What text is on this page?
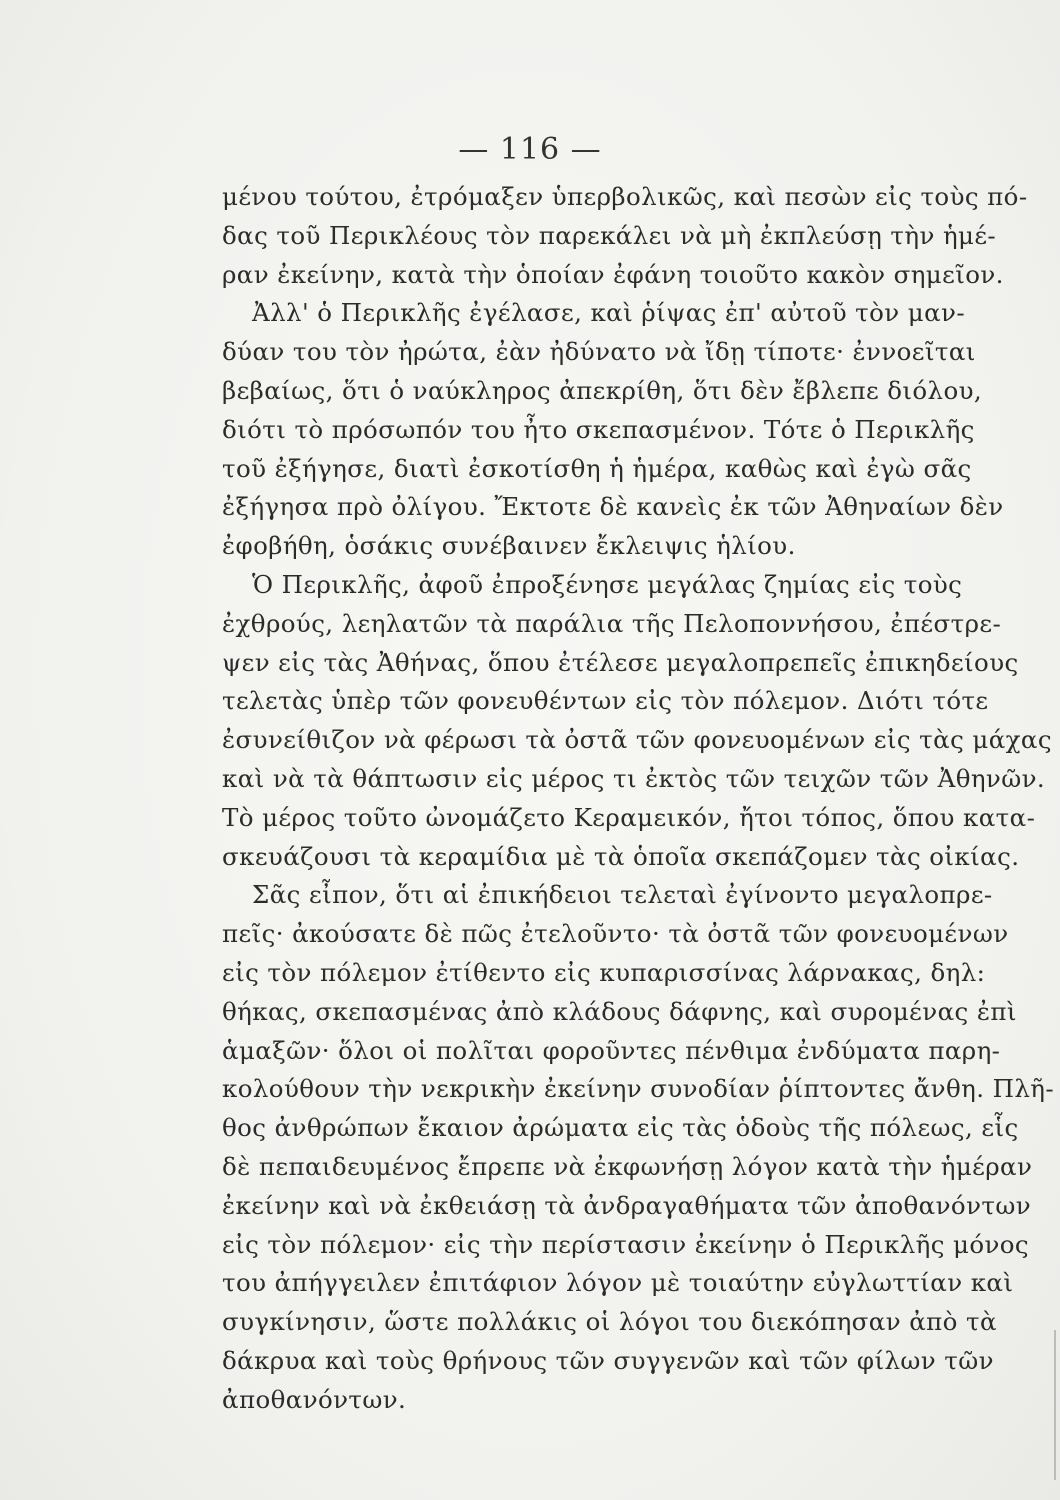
— 116 —
μένου τούτου, ἐτρόμαξεν ὑπερβολικῶς, καὶ πεσὼν εἰς τοὺς πό-
δας τοῦ Περικλέους τὸν παρεκάλει νὰ μὴ ἐκπλεύσῃ τὴν ἡμέ-
ραν ἐκείνην, κατὰ τὴν ὁποίαν ἐφάνη τοιοῦτο κακὸν σημεῖον.
Ἀλλ' ὁ Περικλῆς ἐγέλασε, καὶ ῥίψας ἐπ' αὐτοῦ τὸν μαν-
δύαν του τὸν ἠρώτα, ἐὰν ἠδύνατο νὰ ἴδῃ τίποτε· ἐννοεῖται
βεβαίως, ὅτι ὁ ναύκληρος ἀπεκρίθη, ὅτι δὲν ἔβλεπε διόλου,
διότι τὸ πρόσωπόν του ἦτο σκεπασμένον. Τότε ὁ Περικλῆς
τοῦ ἐξήγησε, διατὶ ἐσκοτίσθη ἡ ἡμέρα, καθὼς καὶ ἐγὼ σᾶς
ἐξήγησα πρὸ ὀλίγου. Ἔκτοτε δὲ κανεὶς ἐκ τῶν Ἀθηναίων δὲν
ἐφοβήθη, ὁσάκις συνέβαινεν ἔκλειψις ἡλίου.
Ὁ Περικλῆς, ἀφοῦ ἐπροξένησε μεγάλας ζημίας εἰς τοὺς
ἐχθρούς, λεηλατῶν τὰ παράλια τῆς Πελοποννήσου, ἐπέστρε-
ψεν εἰς τὰς Ἀθήνας, ὅπου ἐτέλεσε μεγαλοπρεπεῖς ἐπικηδείους
τελετὰς ὑπὲρ τῶν φονευθέντων εἰς τὸν πόλεμον. Διότι τότε
ἐσυνείθιζον νὰ φέρωσι τὰ ὀστᾶ τῶν φονευομένων εἰς τὰς μάχας
καὶ νὰ τὰ θάπτωσιν εἰς μέρος τι ἐκτὸς τῶν τειχῶν τῶν Ἀθηνῶν.
Τὸ μέρος τοῦτο ὠνομάζετο Κεραμεικόν, ἤτοι τόπος, ὅπου κατα-
σκευάζουσι τὰ κεραμίδια μὲ τὰ ὁποῖα σκεπάζομεν τὰς οἰκίας.
Σᾶς εἶπον, ὅτι αἱ ἐπικήδειοι τελεταὶ ἐγίνοντο μεγαλοπρε-
πεῖς· ἀκούσατε δὲ πῶς ἐτελοῦντο· τὰ ὀστᾶ τῶν φονευομένων
εἰς τὸν πόλεμον ἐτίθεντο εἰς κυπαρισσίνας λάρνακας, δηλ:
θήκας, σκεπασμένας ἀπὸ κλάδους δάφνης, καὶ συρομένας ἐπὶ
ἁμαξῶν· ὅλοι οἱ πολῖται φοροῦντες πένθιμα ἐνδύματα παρη-
κολούθουν τὴν νεκρικὴν ἐκείνην συνοδίαν ῥίπτοντες ἄνθη. Πλῆ-
θος ἀνθρώπων ἔκαιον ἀρώματα εἰς τὰς ὁδοὺς τῆς πόλεως, εἷς
δὲ πεπαιδευμένος ἔπρεπε νὰ ἐκφωνήσῃ λόγον κατὰ τὴν ἡμέραν
ἐκείνην καὶ νὰ ἐκθειάσῃ τὰ ἀνδραγαθήματα τῶν ἀποθανόντων
εἰς τὸν πόλεμον· εἰς τὴν περίστασιν ἐκείνην ὁ Περικλῆς μόνος
του ἀπήγγειλεν ἐπιτάφιον λόγον μὲ τοιαύτην εὐγλωττίαν καὶ
συγκίνησιν, ὥστε πολλάκις οἱ λόγοι του διεκόπησαν ἀπὸ τὰ
δάκρυα καὶ τοὺς θρήνους τῶν συγγενῶν καὶ τῶν φίλων τῶν
ἀποθανόντων.
